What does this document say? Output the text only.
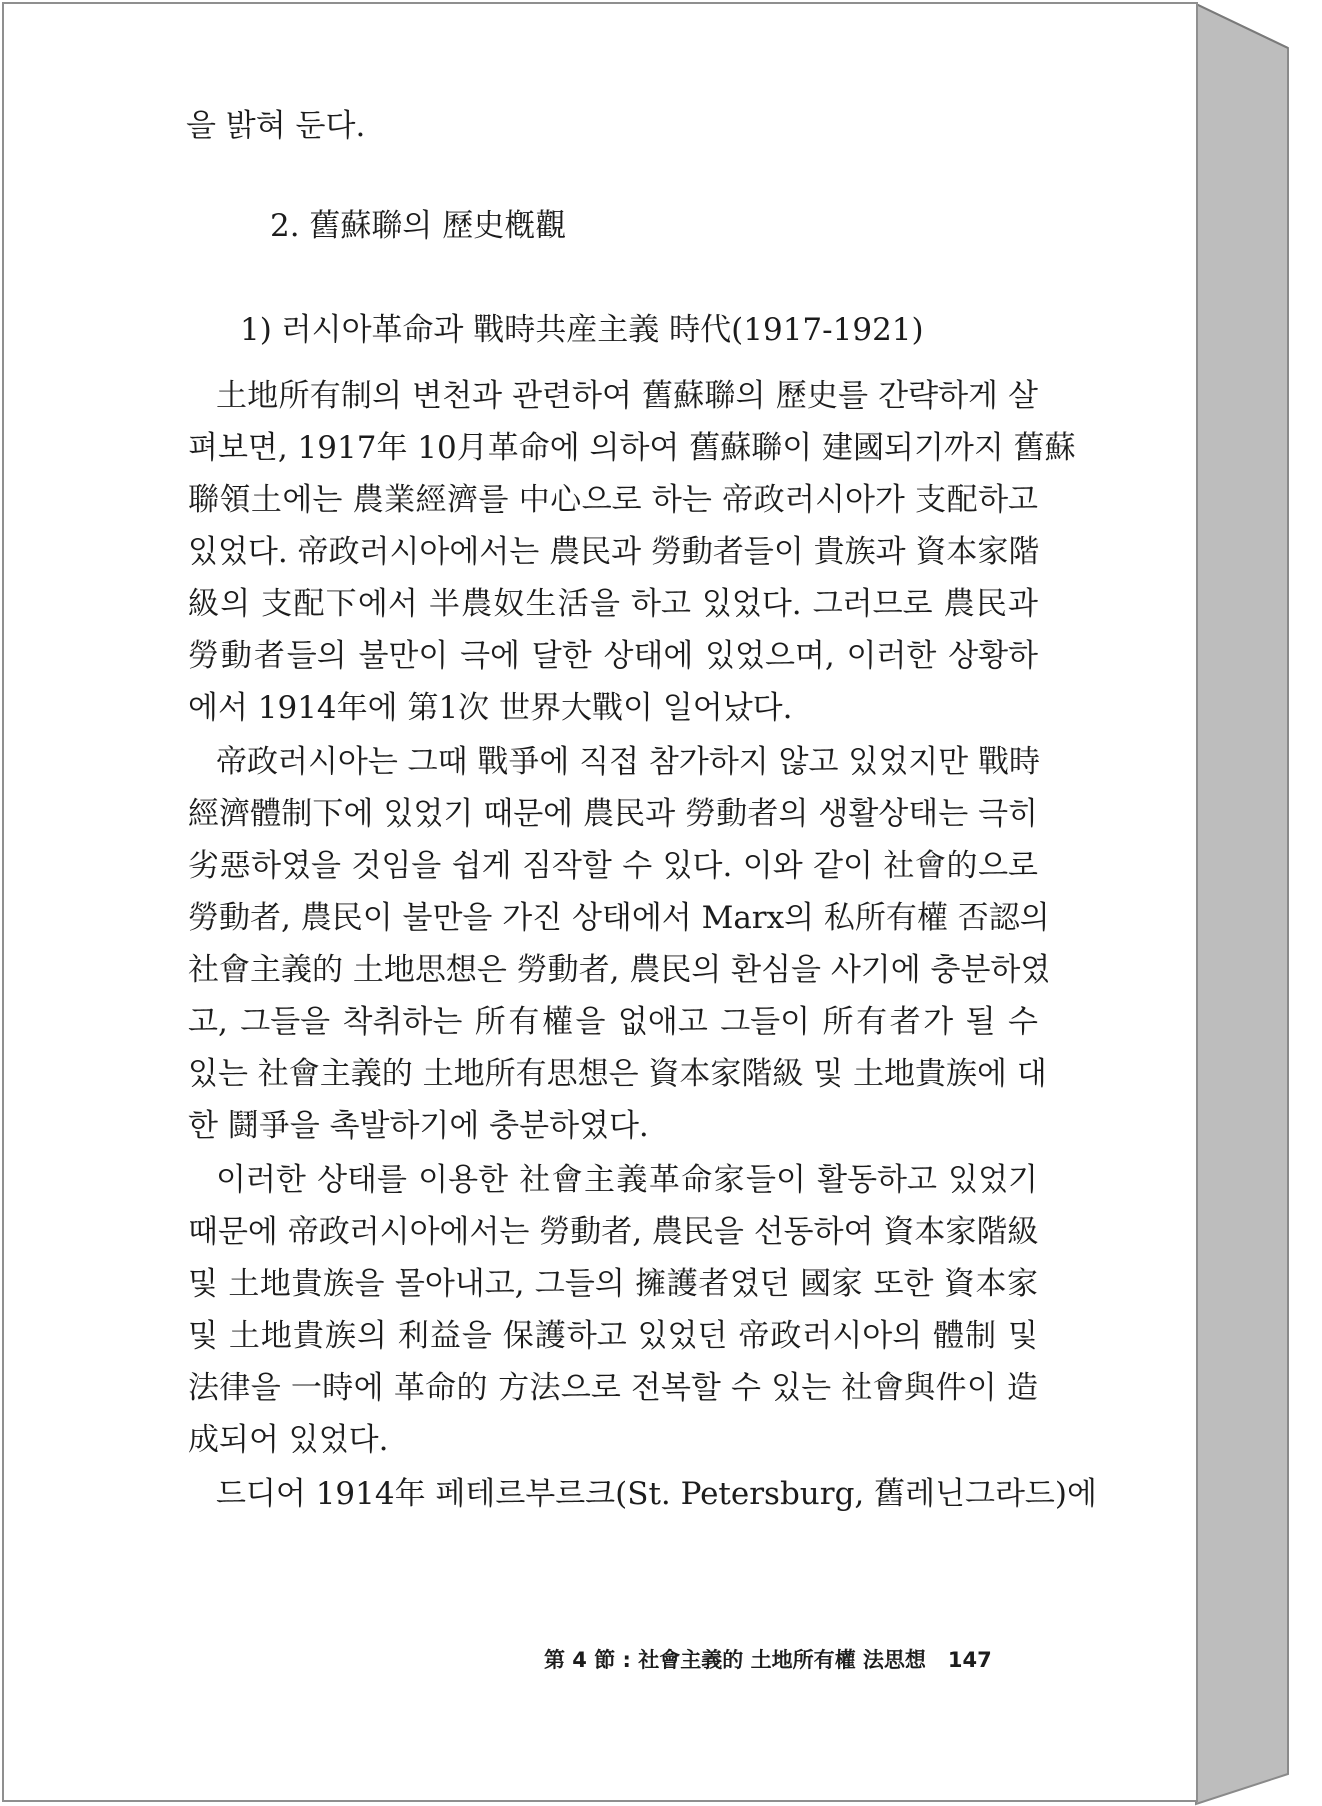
을 밝혀 둔다.
2. 舊蘇聯의 歷史槪觀
1) 러시아革命과 戰時共産主義 時代(1917-1921)
土地所有制의 변천과 관련하여 舊蘇聯의 歷史를 간략하게 살
펴보면, 1917年 10月革命에 의하여 舊蘇聯이 建國되기까지 舊蘇
聯領土에는 農業經濟를 中心으로 하는 帝政러시아가 支配하고
있었다. 帝政러시아에서는 農民과 勞動者들이 貴族과 資本家階
級의 支配下에서 半農奴生活을 하고 있었다. 그러므로 農民과
勞動者들의 불만이 극에 달한 상태에 있었으며, 이러한 상황하
에서 1914年에 第1次 世界大戰이 일어났다.
帝政러시아는 그때 戰爭에 직접 참가하지 않고 있었지만 戰時
經濟體制下에 있었기 때문에 農民과 勞動者의 생활상태는 극히
劣惡하였을 것임을 쉽게 짐작할 수 있다. 이와 같이 社會的으로
勞動者, 農民이 불만을 가진 상태에서 Marx의 私所有權 否認의
社會主義的 土地思想은 勞動者, 農民의 환심을 사기에 충분하였
고, 그들을 착취하는 所有權을 없애고 그들이 所有者가 될 수
있는 社會主義的 土地所有思想은 資本家階級 및 土地貴族에 대
한 鬪爭을 촉발하기에 충분하였다.
이러한 상태를 이용한 社會主義革命家들이 활동하고 있었기
때문에 帝政러시아에서는 勞動者, 農民을 선동하여 資本家階級
및 土地貴族을 몰아내고, 그들의 擁護者였던 國家 또한 資本家
및 土地貴族의 利益을 保護하고 있었던 帝政러시아의 體制 및
法律을 一時에 革命的 方法으로 전복할 수 있는 社會與件이 造
成되어 있었다.
드디어 1914年 페테르부르크(St. Petersburg, 舊레닌그라드)에
第 4 節 : 社會主義的 土地所有權 法思想 147
